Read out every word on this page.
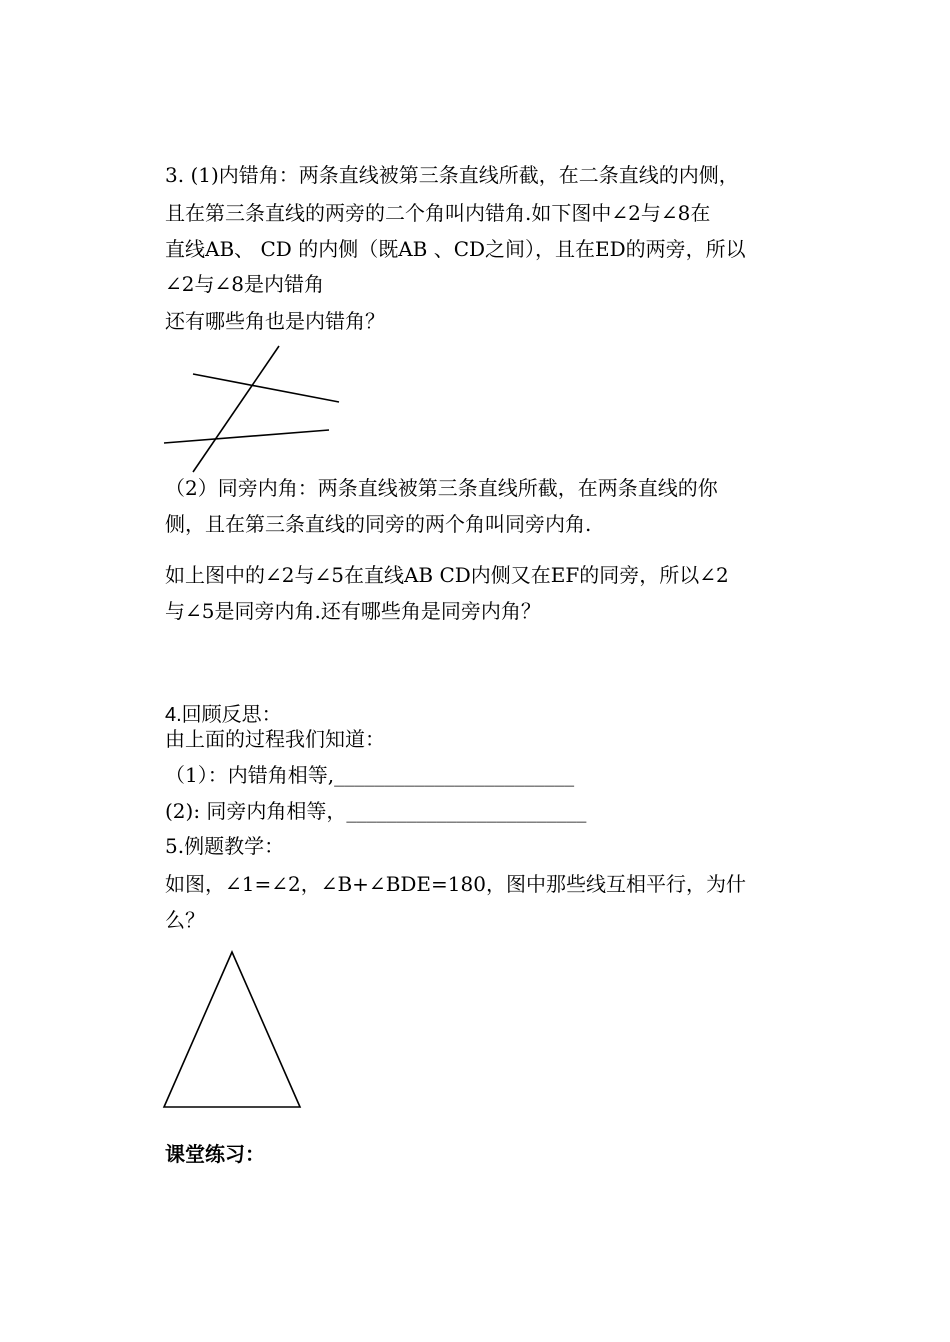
3. (1)内错角：两条直线被第三条直线所截，在二条直线的内侧，
且在第三条直线的两旁的二个角叫内错角.如下图中∠2与∠8在
直线AB、 CD 的内侧（既AB 、CD之间），且在ED的两旁，所以
∠2与∠8是内错角
还有哪些角也是内错角？
（2）同旁内角：两条直线被第三条直线所截，在两条直线的你
侧，且在第三条直线的同旁的两个角叫同旁内角.
如上图中的∠2与∠5在直线AB CD内侧又在EF的同旁，所以∠2
与∠5是同旁内角.还有哪些角是同旁内角？
4.回顾反思：
由上面的过程我们知道：
（1）：内错角相等,________________________
(2): 同旁内角相等，________________________
5.例题教学：
如图，∠1=∠2，∠B+∠BDE=180，图中那些线互相平行，为什
么？
课堂练习：
